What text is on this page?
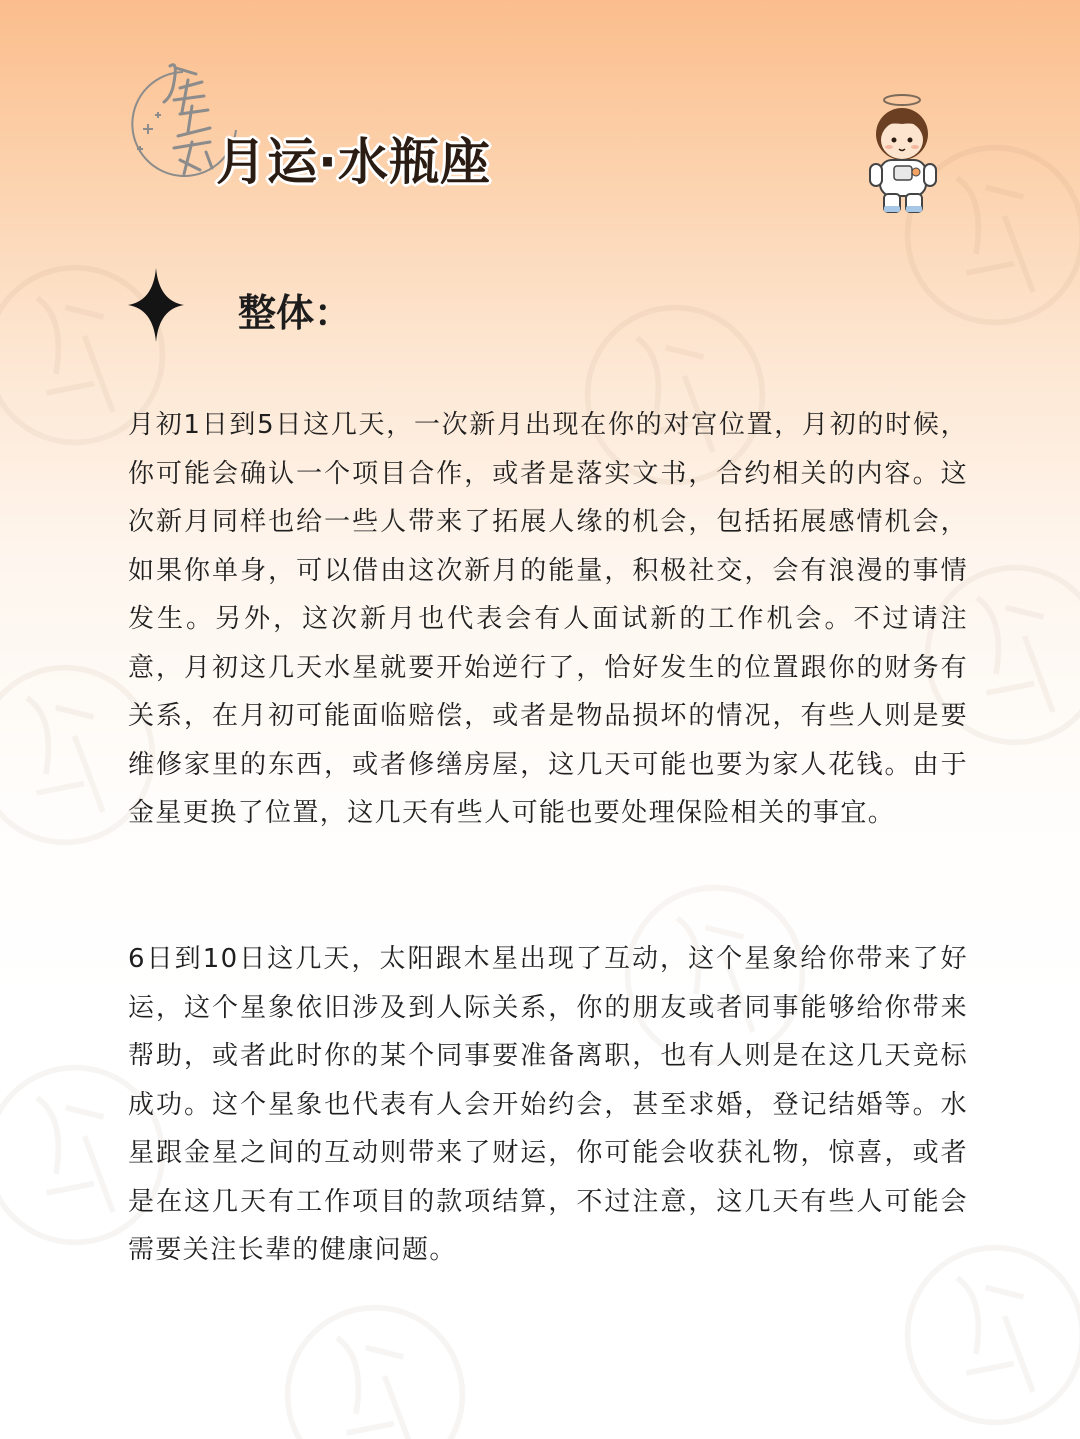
月运·水瓶座
整体：

月初1日到5日这几天，一次新月出现在你的对宫位置，月初的时候，你可能会确认一个项目合作，或者是落实文书，合约相关的内容。这次新月同样也给一些人带来了拓展人缘的机会，包括拓展感情机会，如果你单身，可以借由这次新月的能量，积极社交，会有浪漫的事情发生。另外，这次新月也代表会有人面试新的工作机会。不过请注意，月初这几天水星就要开始逆行了，恰好发生的位置跟你的财务有关系，在月初可能面临赔偿，或者是物品损坏的情况，有些人则是要维修家里的东西，或者修缮房屋，这几天可能也要为家人花钱。由于金星更换了位置，这几天有些人可能也要处理保险相关的事宜。

6日到10日这几天，太阳跟木星出现了互动，这个星象给你带来了好运，这个星象依旧涉及到人际关系，你的朋友或者同事能够给你带来帮助，或者此时你的某个同事要准备离职，也有人则是在这几天竞标成功。这个星象也代表有人会开始约会，甚至求婚，登记结婚等。水星跟金星之间的互动则带来了财运，你可能会收获礼物，惊喜，或者是在这几天有工作项目的款项结算，不过注意，这几天有些人可能会需要关注长辈的健康问题。
